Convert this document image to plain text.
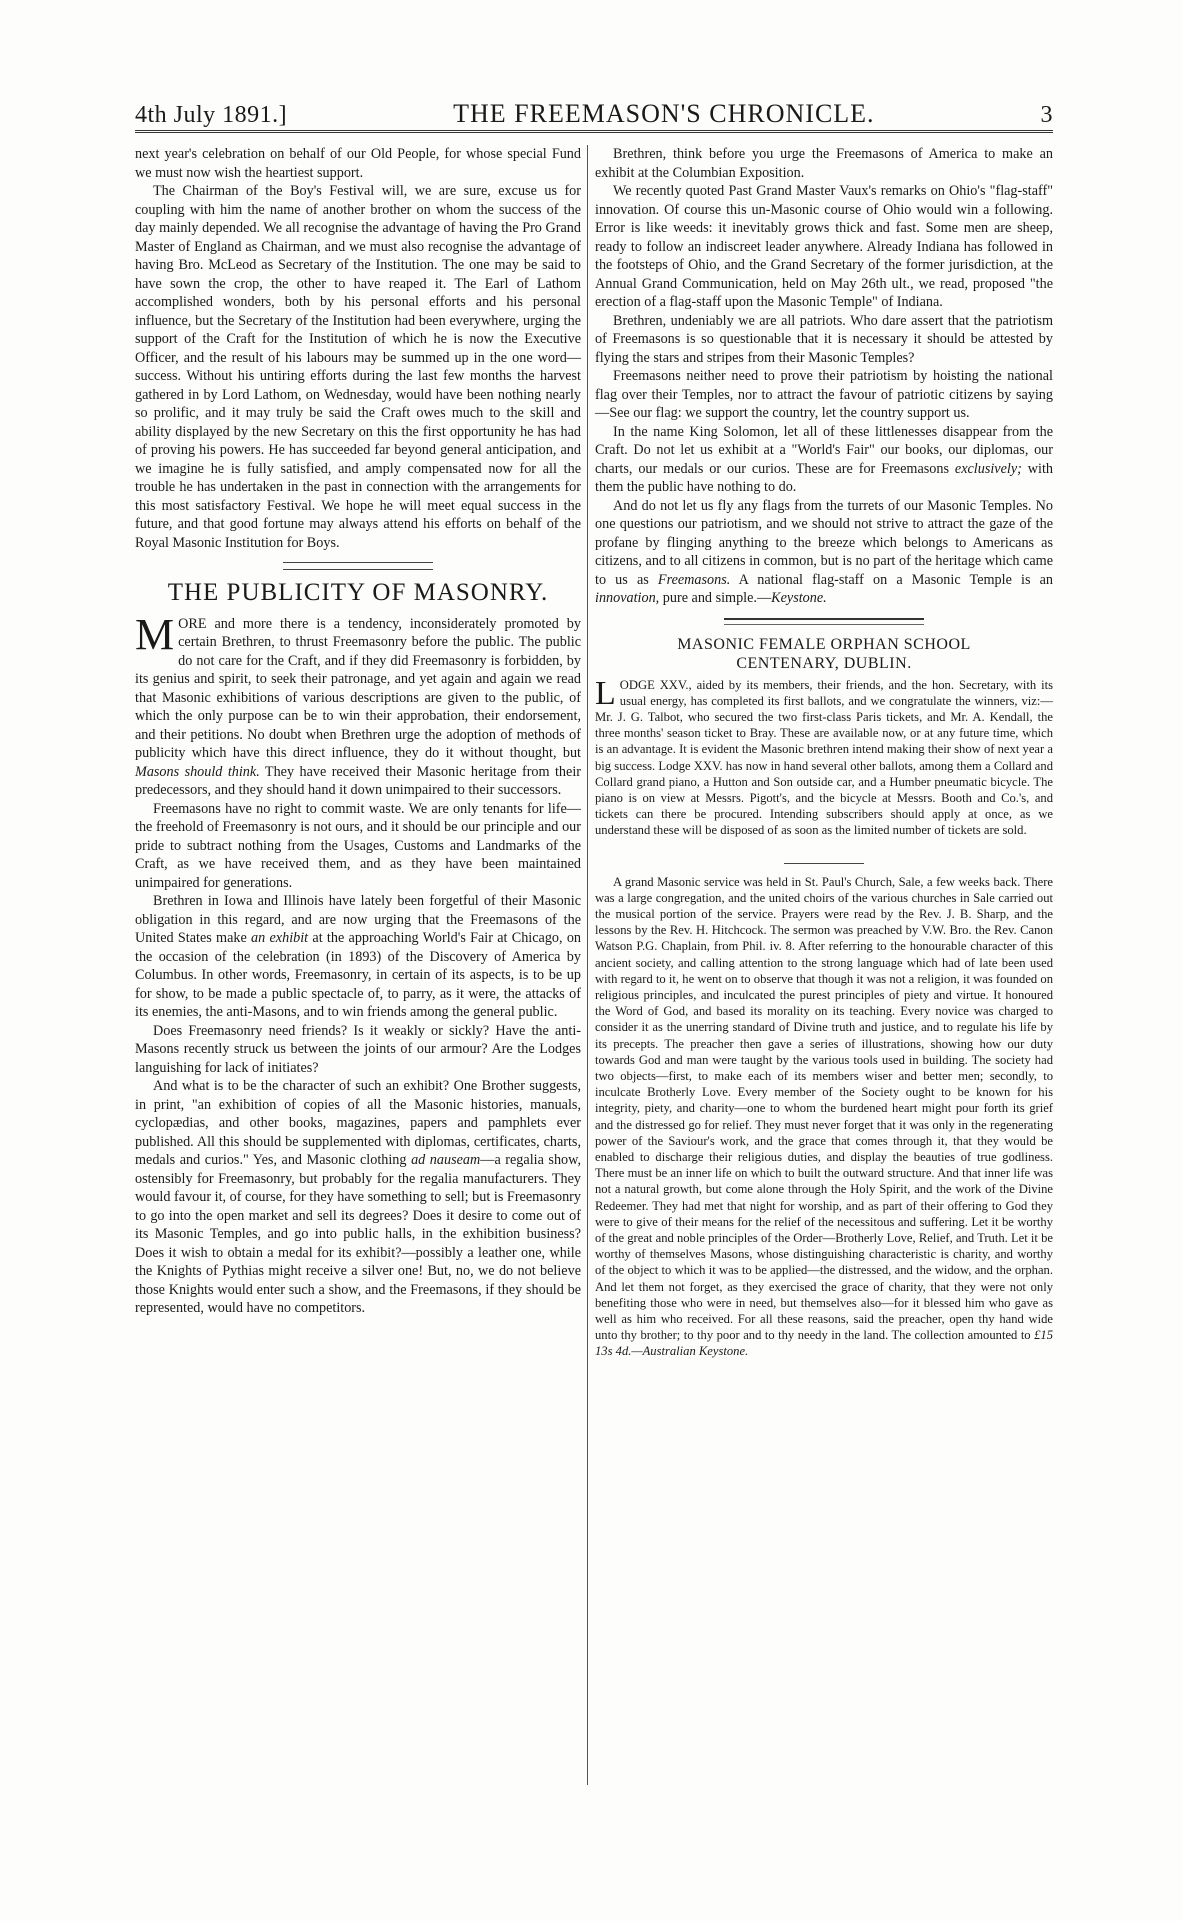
4th July 1891.]	THE FREEMASON'S CHRONICLE.	3

next year's celebration on behalf of our Old People, for whose special Fund we must now wish the heartiest support.

The Chairman of the Boy's Festival will, we are sure, excuse us for coupling with him the name of another brother on whom the success of the day mainly depended. We all recognise the advantage of having the Pro Grand Master of England as Chairman, and we must also recognise the advantage of having Bro. McLeod as Secretary of the Institution. The one may be said to have sown the crop, the other to have reaped it. The Earl of Lathom accomplished wonders, both by his personal efforts and his personal influence, but the Secretary of the Institution had been everywhere, urging the support of the Craft for the Institution of which he is now the Executive Officer, and the result of his labours may be summed up in the one word—success. Without his untiring efforts during the last few months the harvest gathered in by Lord Lathom, on Wednesday, would have been nothing nearly so prolific, and it may truly be said the Craft owes much to the skill and ability displayed by the new Secretary on this the first opportunity he has had of proving his powers. He has succeeded far beyond general anticipation, and we imagine he is fully satisfied, and amply compensated now for all the trouble he has undertaken in the past in connection with the arrangements for this most satisfactory Festival. We hope he will meet equal success in the future, and that good fortune may always attend his efforts on behalf of the Royal Masonic Institution for Boys.

THE PUBLICITY OF MASONRY.

MORE and more there is a tendency, inconsiderately promoted by certain Brethren, to thrust Freemasonry before the public. The public do not care for the Craft, and if they did Freemasonry is forbidden, by its genius and spirit, to seek their patronage, and yet again and again we read that Masonic exhibitions of various descriptions are given to the public, of which the only purpose can be to win their approbation, their endorsement, and their petitions. No doubt when Brethren urge the adoption of methods of publicity which have this direct influence, they do it without thought, but Masons should think. They have received their Masonic heritage from their predecessors, and they should hand it down unimpaired to their successors.

Freemasons have no right to commit waste. We are only tenants for life—the freehold of Freemasonry is not ours, and it should be our principle and our pride to subtract nothing from the Usages, Customs and Landmarks of the Craft, as we have received them, and as they have been maintained unimpaired for generations.

Brethren in Iowa and Illinois have lately been forgetful of their Masonic obligation in this regard, and are now urging that the Freemasons of the United States make an exhibit at the approaching World's Fair at Chicago, on the occasion of the celebration (in 1893) of the Discovery of America by Columbus. In other words, Freemasonry, in certain of its aspects, is to be up for show, to be made a public spectacle of, to parry, as it were, the attacks of its enemies, the anti-Masons, and to win friends among the general public.

Does Freemasonry need friends? Is it weakly or sickly? Have the anti-Masons recently struck us between the joints of our armour? Are the Lodges languishing for lack of initiates?

And what is to be the character of such an exhibit? One Brother suggests, in print, "an exhibition of copies of all the Masonic histories, manuals, cyclopædias, and other books, magazines, papers and pamphlets ever published. All this should be supplemented with diplomas, certificates, charts, medals and curios." Yes, and Masonic clothing ad nauseam—a regalia show, ostensibly for Freemasonry, but probably for the regalia manufacturers. They would favour it, of course, for they have something to sell; but is Freemasonry to go into the open market and sell its degrees? Does it desire to come out of its Masonic Temples, and go into public halls, in the exhibition business? Does it wish to obtain a medal for its exhibit?—possibly a leather one, while the Knights of Pythias might receive a silver one! But, no, we do not believe those Knights would enter such a show, and the Freemasons, if they should be represented, would have no competitors.

Brethren, think before you urge the Freemasons of America to make an exhibit at the Columbian Exposition.

We recently quoted Past Grand Master Vaux's remarks on Ohio's "flag-staff" innovation. Of course this un-Masonic course of Ohio would win a following. Error is like weeds: it inevitably grows thick and fast. Some men are sheep, ready to follow an indiscreet leader anywhere. Already Indiana has followed in the footsteps of Ohio, and the Grand Secretary of the former jurisdiction, at the Annual Grand Communication, held on May 26th ult., we read, proposed "the erection of a flag-staff upon the Masonic Temple" of Indiana.

Brethren, undeniably we are all patriots. Who dare assert that the patriotism of Freemasons is so questionable that it is necessary it should be attested by flying the stars and stripes from their Masonic Temples?

Freemasons neither need to prove their patriotism by hoisting the national flag over their Temples, nor to attract the favour of patriotic citizens by saying—See our flag: we support the country, let the country support us.

In the name King Solomon, let all of these littlenesses disappear from the Craft. Do not let us exhibit at a "World's Fair" our books, our diplomas, our charts, our medals or our curios. These are for Freemasons exclusively; with them the public have nothing to do.

And do not let us fly any flags from the turrets of our Masonic Temples. No one questions our patriotism, and we should not strive to attract the gaze of the profane by flinging anything to the breeze which belongs to Americans as citizens, and to all citizens in common, but is no part of the heritage which came to us as Freemasons. A national flag-staff on a Masonic Temple is an innovation, pure and simple.—Keystone.

MASONIC FEMALE ORPHAN SCHOOL
CENTENARY, DUBLIN.

LODGE XXV., aided by its members, their friends, and the hon. Secretary, with its usual energy, has completed its first ballots, and we congratulate the winners, viz:—Mr. J. G. Talbot, who secured the two first-class Paris tickets, and Mr. A. Kendall, the three months' season ticket to Bray. These are available now, or at any future time, which is an advantage. It is evident the Masonic brethren intend making their show of next year a big success. Lodge XXV. has now in hand several other ballots, among them a Collard and Collard grand piano, a Hutton and Son outside car, and a Humber pneumatic bicycle. The piano is on view at Messrs. Pigott's, and the bicycle at Messrs. Booth and Co.'s, and tickets can there be procured. Intending subscribers should apply at once, as we understand these will be disposed of as soon as the limited number of tickets are sold.

A grand Masonic service was held in St. Paul's Church, Sale, a few weeks back. There was a large congregation, and the united choirs of the various churches in Sale carried out the musical portion of the service. Prayers were read by the Rev. J. B. Sharp, and the lessons by the Rev. H. Hitchcock. The sermon was preached by V.W. Bro. the Rev. Canon Watson P.G. Chaplain, from Phil. iv. 8. After referring to the honourable character of this ancient society, and calling attention to the strong language which had of late been used with regard to it, he went on to observe that though it was not a religion, it was founded on religious principles, and inculcated the purest principles of piety and virtue. It honoured the Word of God, and based its morality on its teaching. Every novice was charged to consider it as the unerring standard of Divine truth and justice, and to regulate his life by its precepts. The preacher then gave a series of illustrations, showing how our duty towards God and man were taught by the various tools used in building. The society had two objects—first, to make each of its members wiser and better men; secondly, to inculcate Brotherly Love. Every member of the Society ought to be known for his integrity, piety, and charity—one to whom the burdened heart might pour forth its grief and the distressed go for relief. They must never forget that it was only in the regenerating power of the Saviour's work, and the grace that comes through it, that they would be enabled to discharge their religious duties, and display the beauties of true godliness. There must be an inner life on which to built the outward structure. And that inner life was not a natural growth, but come alone through the Holy Spirit, and the work of the Divine Redeemer. They had met that night for worship, and as part of their offering to God they were to give of their means for the relief of the necessitous and suffering. Let it be worthy of the great and noble principles of the Order—Brotherly Love, Relief, and Truth. Let it be worthy of themselves Masons, whose distinguishing characteristic is charity, and worthy of the object to which it was to be applied—the distressed, and the widow, and the orphan. And let them not forget, as they exercised the grace of charity, that they were not only benefiting those who were in need, but themselves also—for it blessed him who gave as well as him who received. For all these reasons, said the preacher, open thy hand wide unto thy brother; to thy poor and to thy needy in the land. The collection amounted to £15 13s 4d.—Australian Keystone.
